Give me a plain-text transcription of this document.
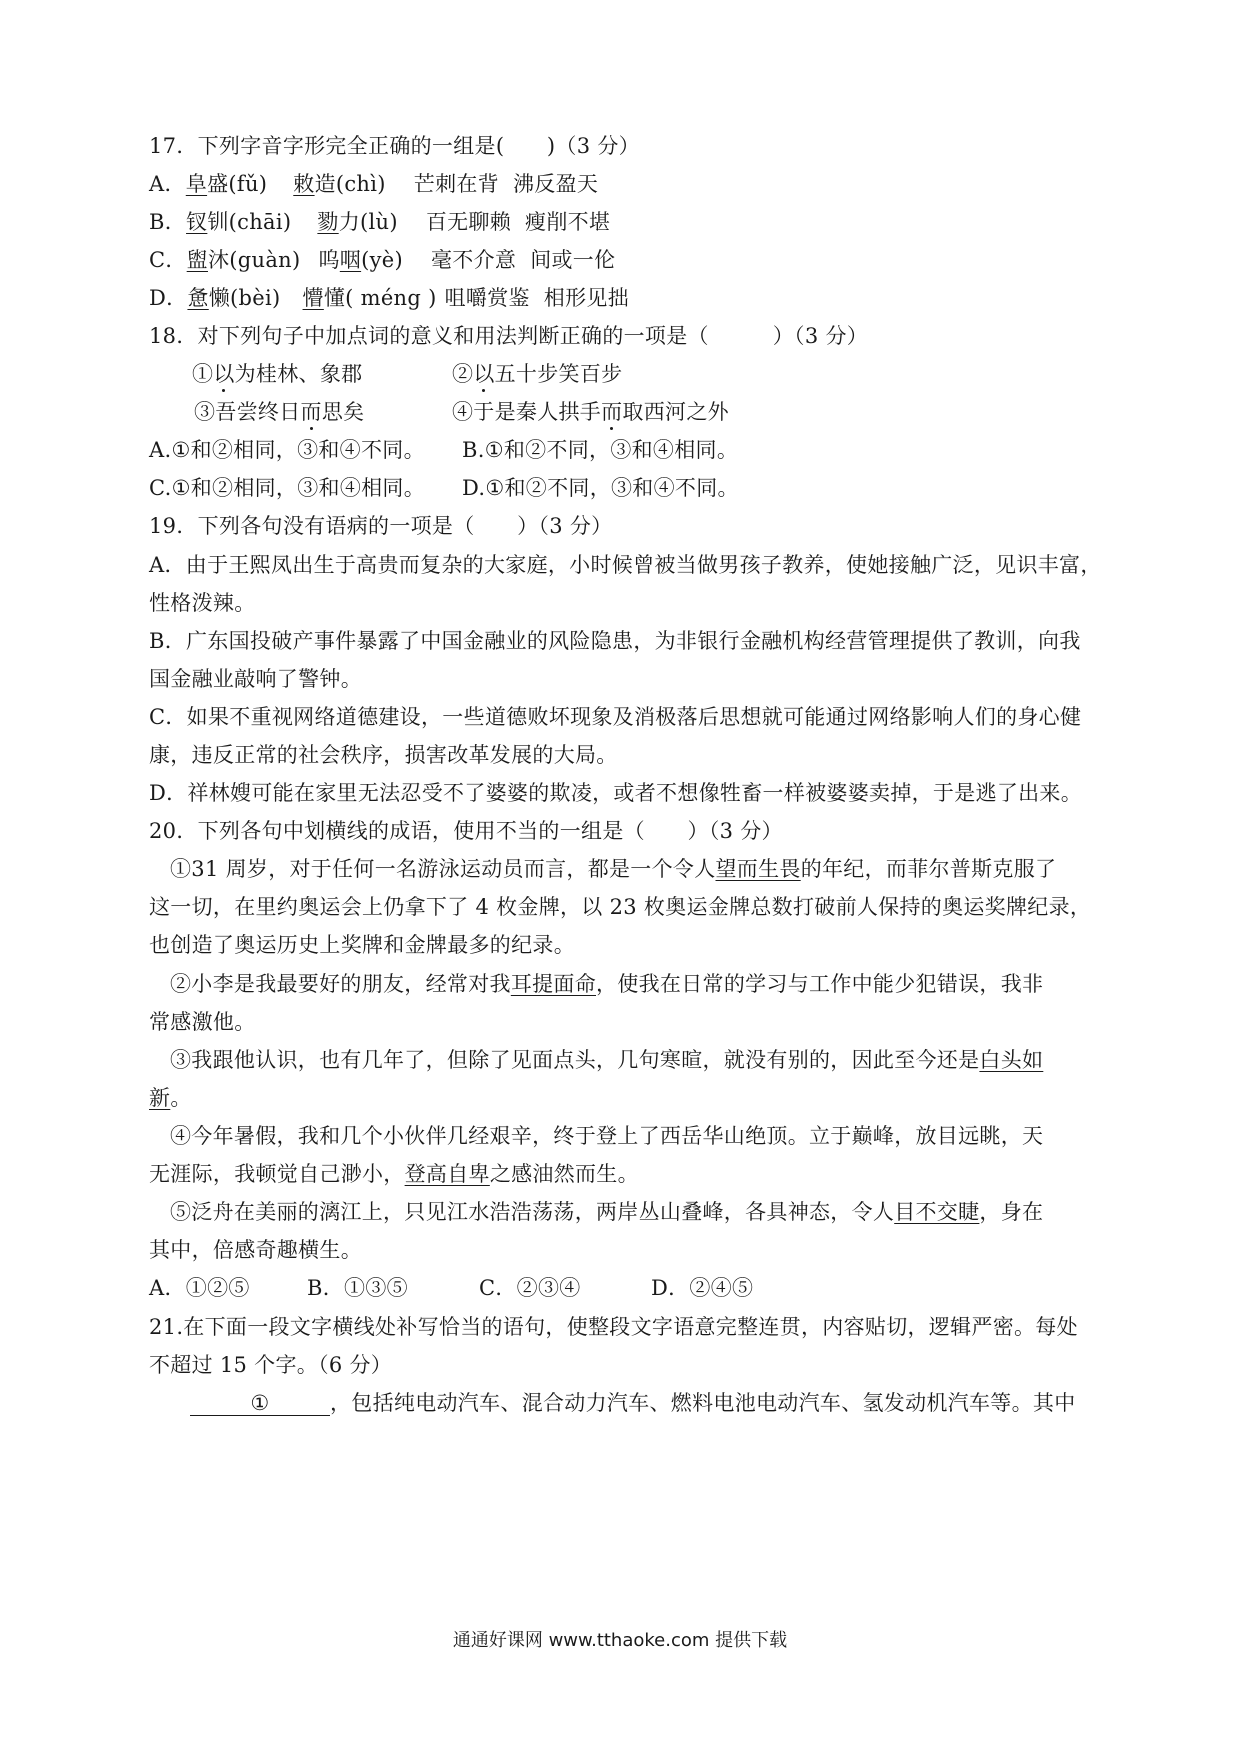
17．下列字音字形完全正确的一组是(　　)（3 分）
A．阜盛(fǔ) 敕造(chì) 芒刺在背 沸反盈天
B．钗钏(chāi) 勠力(lù) 百无聊赖 瘦削不堪
C．盥沐(guàn) 呜咽(yè) 毫不介意 间或一伦
D．惫懒(bèi) 懵懂( méng ) 咀嚼赏鉴 相形见拙
18．对下列句子中加点词的意义和用法判断正确的一项是（　　　）（3 分）
①以为桂林、象郡	②以五十步笑百步
③吾尝终日而思矣	④于是秦人拱手而取西河之外
A.①和②相同，③和④不同。	B.①和②不同，③和④相同。
C.①和②相同，③和④相同。	D.①和②不同，③和④不同。
19．下列各句没有语病的一项是（　　）（3 分）
A．由于王熙凤出生于高贵而复杂的大家庭，小时候曾被当做男孩子教养，使她接触广泛，见识丰富，
性格泼辣。
B．广东国投破产事件暴露了中国金融业的风险隐患，为非银行金融机构经营管理提供了教训，向我
国金融业敲响了警钟。
C．如果不重视网络道德建设，一些道德败坏现象及消极落后思想就可能通过网络影响人们的身心健
康，违反正常的社会秩序，损害改革发展的大局。
D．祥林嫂可能在家里无法忍受不了婆婆的欺凌，或者不想像牲畜一样被婆婆卖掉，于是逃了出来。
20．下列各句中划横线的成语，使用不当的一组是（　　）（3 分）
①31 周岁，对于任何一名游泳运动员而言，都是一个令人望而生畏的年纪，而菲尔普斯克服了
这一切，在里约奥运会上仍拿下了 4 枚金牌，以 23 枚奥运金牌总数打破前人保持的奥运奖牌纪录，
也创造了奥运历史上奖牌和金牌最多的纪录。
②小李是我最要好的朋友，经常对我耳提面命，使我在日常的学习与工作中能少犯错误，我非
常感激他。
③我跟他认识，也有几年了，但除了见面点头，几句寒暄，就没有别的，因此至今还是白头如
新。
④今年暑假，我和几个小伙伴几经艰辛，终于登上了西岳华山绝顶。立于巅峰，放目远眺，天
无涯际，我顿觉自己渺小，登高自卑之感油然而生。
⑤泛舟在美丽的漓江上，只见江水浩浩荡荡，两岸丛山叠峰，各具神态，令人目不交睫，身在
其中，倍感奇趣横生。
A．①②⑤	B．①③⑤	C．②③④	D．②④⑤
21.在下面一段文字横线处补写恰当的语句，使整段文字语意完整连贯，内容贴切，逻辑严密。每处
不超过 15 个字。（6 分）
①	，包括纯电动汽车、混合动力汽车、燃料电池电动汽车、氢发动机汽车等。其中
通通好课网 www.tthaoke.com 提供下载
